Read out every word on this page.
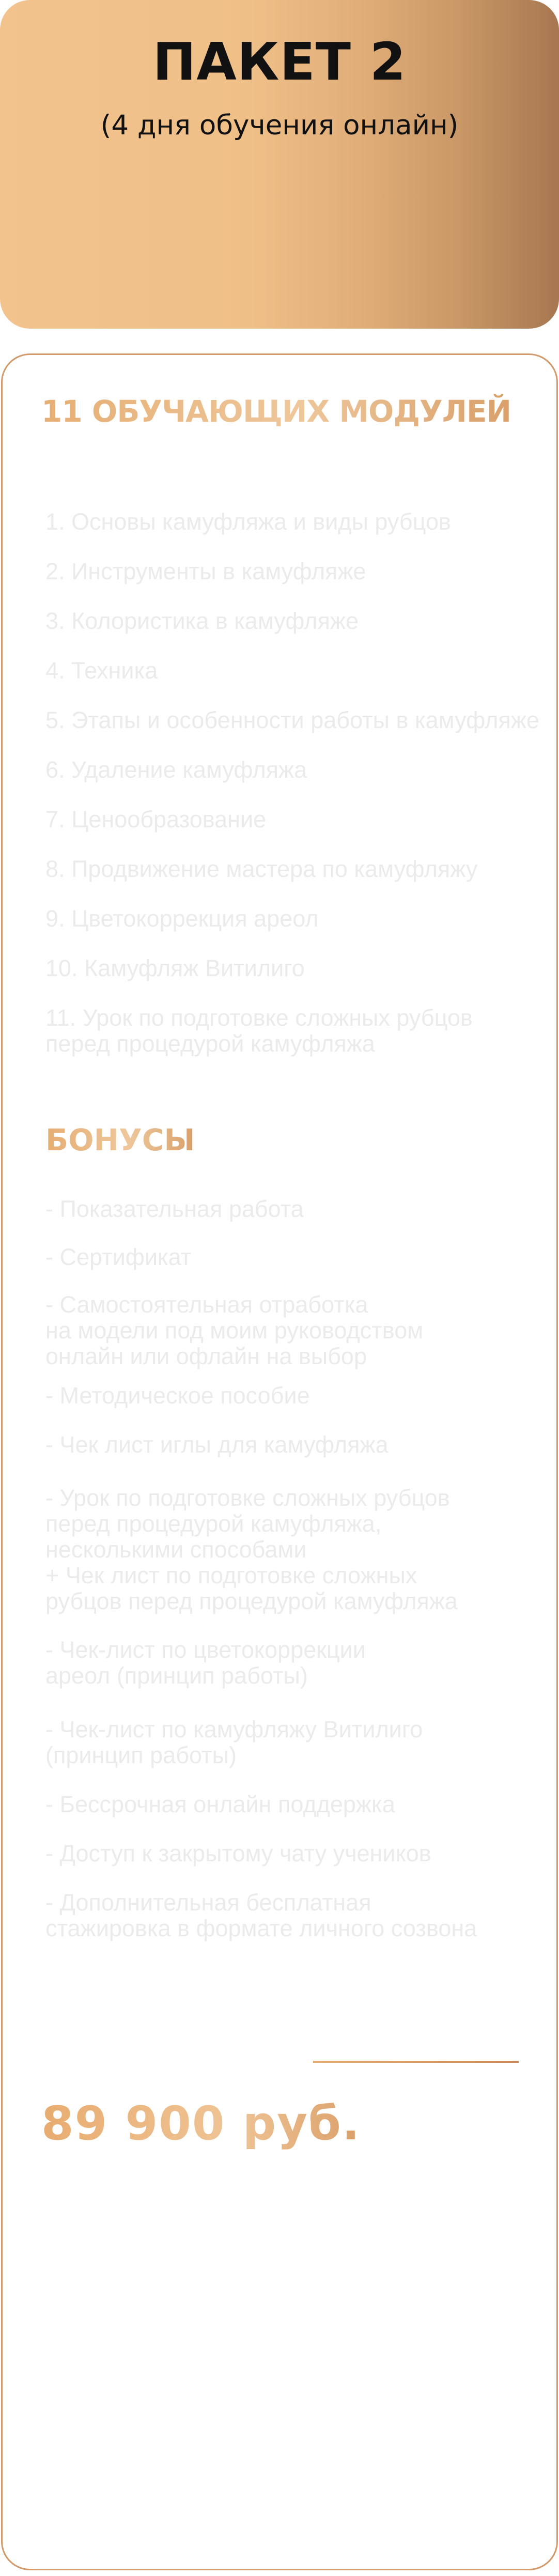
ПАКЕТ 2
(4 дня обучения онлайн)
11 ОБУЧАЮЩИХ МОДУЛЕЙ
1. Основы камуфляжа и виды рубцов
2. Инструменты в камуфляже
3. Колористика в камуфляже
4. Техника
5. Этапы и особенности работы в камуфляже
6. Удаление камуфляжа
7. Ценообразование
8. Продвижение мастера по камуфляжу
9. Цветокоррекция ареол
10. Камуфляж Витилиго
11. Урок по подготовке сложных рубцов
перед процедурой камуфляжа
БОНУСЫ
- Показательная работа
- Сертификат
- Самостоятельная отработка
на модели под моим руководством
онлайн или офлайн на выбор
- Методическое пособие
- Чек лист иглы для камуфляжа
- Урок по подготовке сложных рубцов
перед процедурой камуфляжа,
несколькими способами
+ Чек лист по подготовке сложных
рубцов перед процедурой камуфляжа
- Чек-лист по цветокоррекции
ареол (принцип работы)
- Чек-лист по камуфляжу Витилиго
(принцип работы)
- Бессрочная онлайн поддержка
- Доступ к закрытому чату учеников
- Дополнительная бесплатная
стажировка в формате личного созвона
89 900 руб.
